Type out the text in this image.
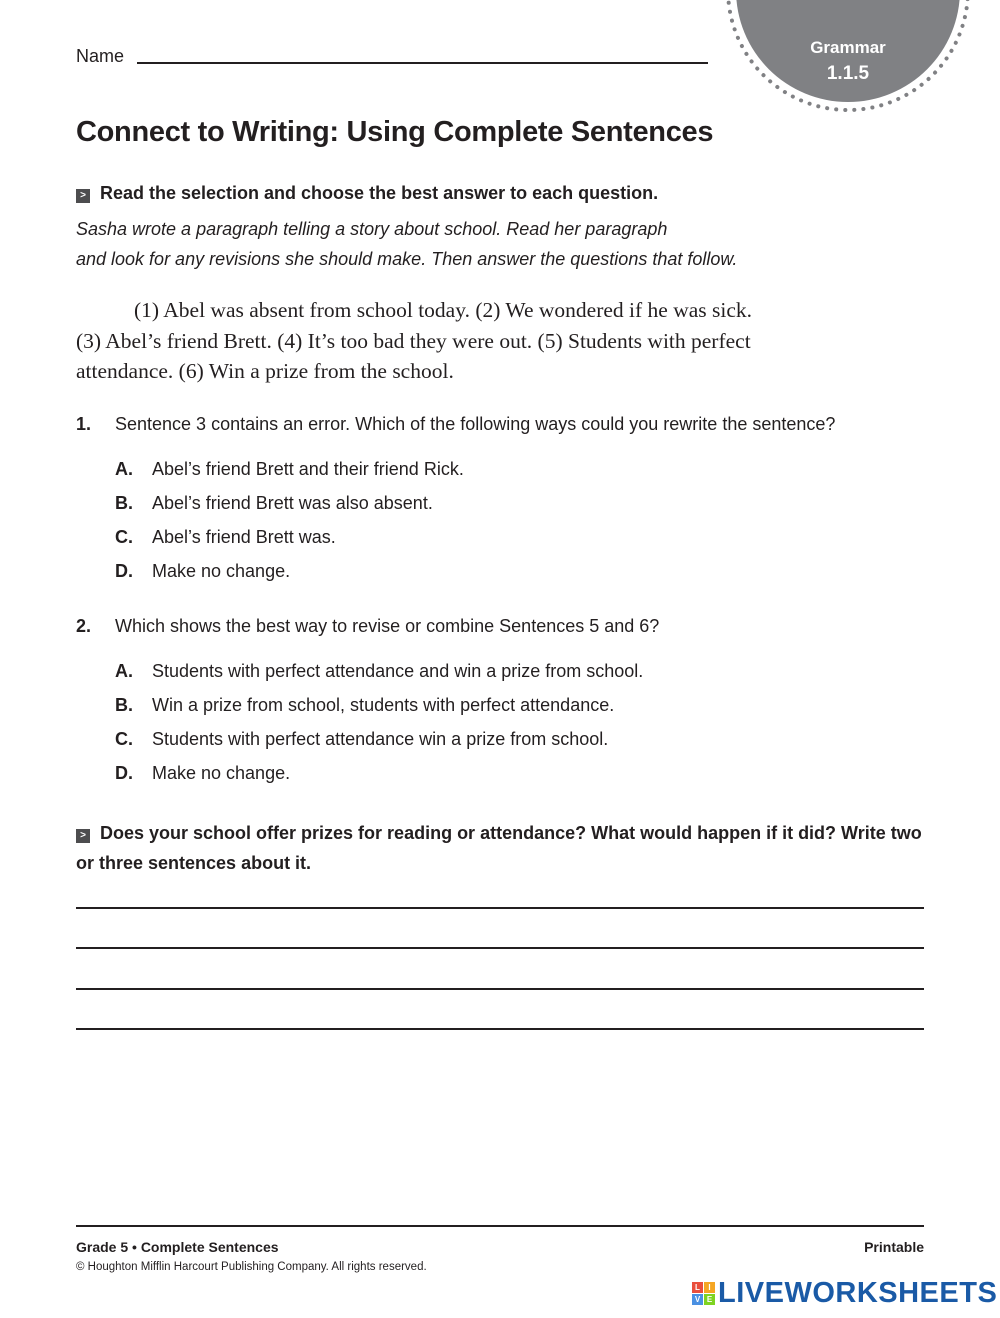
Name	Grammar
1.1.5
Connect to Writing: Using Complete Sentences
> Read the selection and choose the best answer to each question.
Sasha wrote a paragraph telling a story about school. Read her paragraph
and look for any revisions she should make. Then answer the questions that follow.
(1) Abel was absent from school today. (2) We wondered if he was sick. (3) Abel’s friend Brett. (4) It’s too bad they were out. (5) Students with perfect attendance. (6) Win a prize from the school.
1. Sentence 3 contains an error. Which of the following ways could you rewrite the sentence?
A. Abel’s friend Brett and their friend Rick.
B. Abel’s friend Brett was also absent.
C. Abel’s friend Brett was.
D. Make no change.
2. Which shows the best way to revise or combine Sentences 5 and 6?
A. Students with perfect attendance and win a prize from school.
B. Win a prize from school, students with perfect attendance.
C. Students with perfect attendance win a prize from school.
D. Make no change.
> Does your school offer prizes for reading or attendance? What would happen if it did? Write two or three sentences about it.
Grade 5 • Complete Sentences	Printable
© Houghton Mifflin Harcourt Publishing Company. All rights reserved.
L	I
V E LIVEWORKSHEETS
